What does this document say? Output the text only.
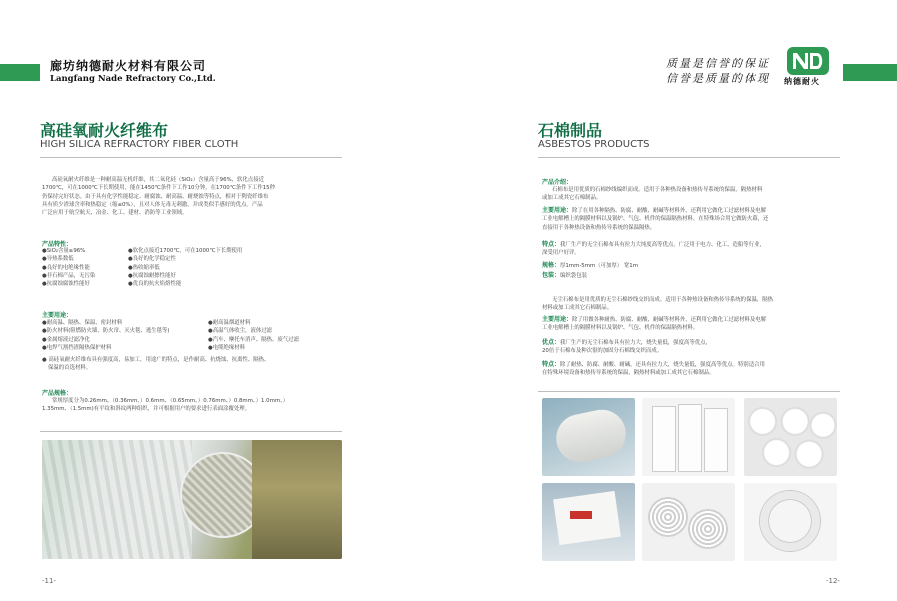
廊坊纳德耐火材料有限公司
Langfang Nade Refractory Co.,Ltd.
高硅氧耐火纤维布
HIGH SILICA REFRACTORY FIBER CLOTH
高硅氧耐火纤维是一种耐高温无机纤维，其二氧化硅（SiO₂）含量高于96%，软化点接近
1700℃，可在1000℃下长期使用，能在1450℃条件下工作10分钟，在1700℃条件下工作15秒
仍保持完好状态。由于具有化学性能稳定、耐腐蚀、耐高温、耐烧蚀等特点，相对于陶瓷纤维布
具有质少渣球含率和热稳定（缩≤0%），且对人体无毒无刺激，并成类似手感好的优点。产品
广泛应用于航空航天、冶金、化工、建材、消防等工业领域。
产品特性：
●SiO₂含量≥96%
●导热系数低
●良好的电绝缘性能
●非石棉产品，无污染
●抗腐蚀腐蚀性能好
●软化点接近1700℃，可在1000℃下长期使用
●良好的化学稳定性
●热收缩率低
●抗腐蚀耐擦性能好
●优良的抗火焰熔性能
主要用途：
●耐高温、隔热、保温、密封材料
●防火材料(阻燃防火墙、防火帘、灭火毯、逃生毯等)
●金属熔液过滤净化
●电焊气割挡渣隔热保护材料
●耐高温烟道材料
●高温气体收尘，液体过滤
●汽车、摩托车消声、隔热、废气过滤
●电缆绝缘材料
● 高硅氧耐火纤维布具有强度高，易加工，用途广的特点，是作耐高、抗烧蚀、抗离性、隔热、
保温的首选材料。
产品规格：
常规厚度分为0.26mm、（0.36mm、）0.6mm、（0.65mm、）0.76mm、）0.8mm、）1.0mm、）
1.35mm、（1.5mm)有平纹和斜纹两种组织，并可根据用户的要求进行表面涂覆处理。
-11-
质量是信誉的保证
信誉是质量的体现 纳德耐火
石棉制品
ASBESTOS PRODUCTS
产品介绍：
石棉布是用优质的石棉纱线编织而成。适用于各种热设备和热传导系统的保温，隔热材料
或加工成其它石棉制品。
主要用途：除了在用各种隔热、防腐、耐酸、耐碱等材料外，还利用它做化工过滤材料及电解
工业电解槽上的隔膜材料以及锅炉、气包、机件的保温隔热材料，在特殊场合用它做防火幕，还
直接用于各种热设备和热传导系统的保温隔热。
特点：我厂生产的无尘石棉布具有拉力大纯度高等优点，广泛用于电力、化工、造船等行业，
深受用户好评。
规格：厚1mm-5mm（可加厚） 宽1m
包装：编织袋包装
无尘石棉布是用优质的无尘石棉纱线交织而成。适用于各种热设备和热传导系统的保温，隔热
材料或加工成其它石棉制品。
主要用途：除了用做各种耐热、防腐、耐酸、耐碱等材料外，还利用它做化工过滤材料及电解
工业电解槽上的隔膜材料以及锅炉、气包、机件的保温隔热材料。
优点：我厂生产的无尘石棉布具有拉力大，烧失量低，强度高等优点，
20倍于石棉布及种次很的加固分石棉线交织而成。
特点：除了耐热、防腐、耐酸、耐碱，还具有拉力大，烧失量低，强度高等优点。特别适合用
在特殊环境设备和热传导系统的保温，隔热材料或加工成其它石棉制品。
-12-
